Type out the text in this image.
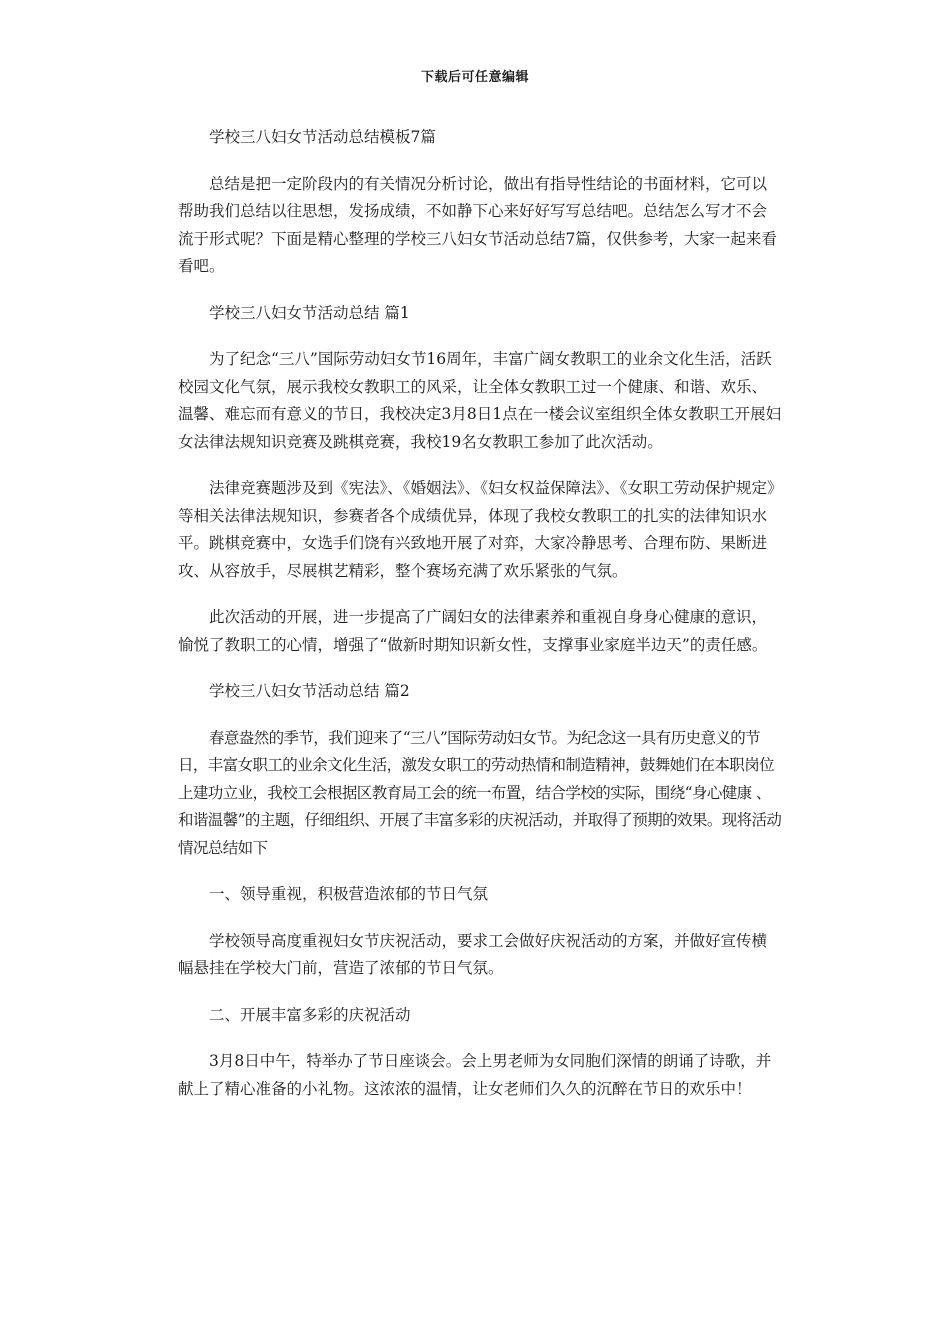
下载后可任意编辑

学校三八妇女节活动总结模板7篇

总结是把一定阶段内的有关情况分析讨论，做出有指导性结论的书面材料，它可以帮助我们总结以往思想，发扬成绩，不如静下心来好好写写总结吧。总结怎么写才不会流于形式呢？下面是精心整理的学校三八妇女节活动总结7篇，仅供参考，大家一起来看看吧。

学校三八妇女节活动总结 篇1

为了纪念“三八”国际劳动妇女节16周年，丰富广阔女教职工的业余文化生活，活跃校园文化气氛，展示我校女教职工的风采，让全体女教职工过一个健康、和谐、欢乐、温馨、难忘而有意义的节日，我校决定3月8日1点在一楼会议室组织全体女教职工开展妇女法律法规知识竞赛及跳棋竞赛，我校19名女教职工参加了此次活动。

法律竞赛题涉及到《宪法》、《婚姻法》、《妇女权益保障法》、《女职工劳动保护规定》等相关法律法规知识，参赛者各个成绩优异，体现了我校女教职工的扎实的法律知识水平。跳棋竞赛中，女选手们饶有兴致地开展了对弈，大家冷静思考、合理布防、果断进攻、从容放手，尽展棋艺精彩，整个赛场充满了欢乐紧张的气氛。

此次活动的开展，进一步提高了广阔妇女的法律素养和重视自身身心健康的意识，愉悦了教职工的心情，增强了“做新时期知识新女性，支撑事业家庭半边天”的责任感。

学校三八妇女节活动总结 篇2

春意盎然的季节，我们迎来了“三八”国际劳动妇女节。为纪念这一具有历史意义的节日，丰富女职工的业余文化生活，激发女职工的劳动热情和制造精神，鼓舞她们在本职岗位上建功立业，我校工会根据区教育局工会的统一布置，结合学校的实际，围绕“身心健康 、和谐温馨”的主题，仔细组织、开展了丰富多彩的庆祝活动，并取得了预期的效果。现将活动情况总结如下

一、领导重视，积极营造浓郁的节日气氛

学校领导高度重视妇女节庆祝活动，要求工会做好庆祝活动的方案，并做好宣传横幅悬挂在学校大门前，营造了浓郁的节日气氛。

二、开展丰富多彩的庆祝活动

3月8日中午，特举办了节日座谈会。会上男老师为女同胞们深情的朗诵了诗歌，并献上了精心准备的小礼物。这浓浓的温情，让女老师们久久的沉醉在节日的欢乐中！
